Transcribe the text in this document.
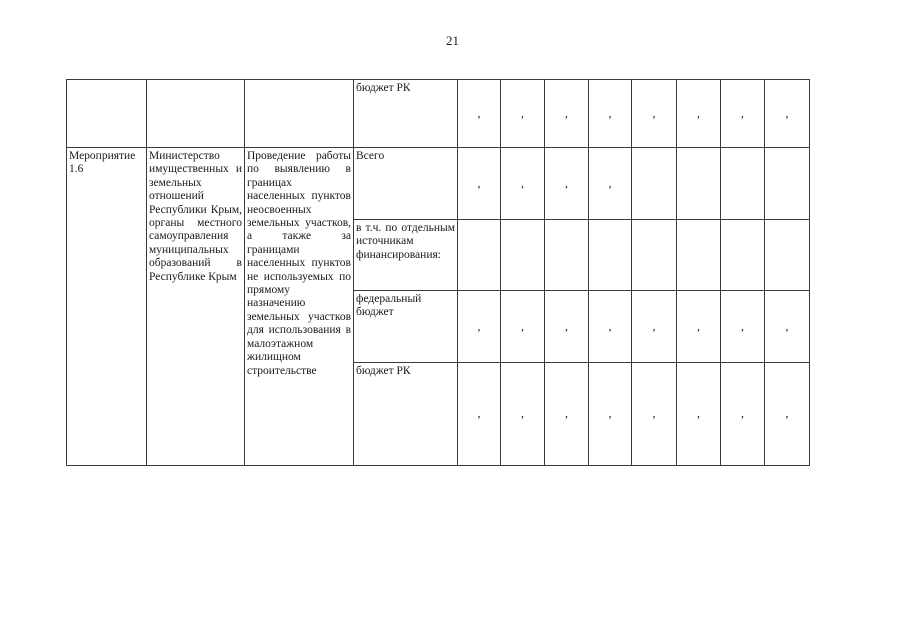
21
			бюджет РК	,	,	,	,	,	,	,	,
Мероприятие 1.6	Министерство имущественных и земельных отношений Республики Крым, органы местного самоуправления муниципальных образований в Республике Крым	Проведение работы по выявлению в границах населенных пунктов неосвоенных земельных участков, а также за границами населенных пунктов не используемых по прямому назначению земельных участков для использования в малоэтажном жилищном строительстве	Всего	,	,	,	,				
			в т.ч. по отдельным источникам финансирования:								
			федеральный бюджет	,	,	,	,	,	,	,	,
			бюджет РК	,	,	,	,	,	,	,	,
